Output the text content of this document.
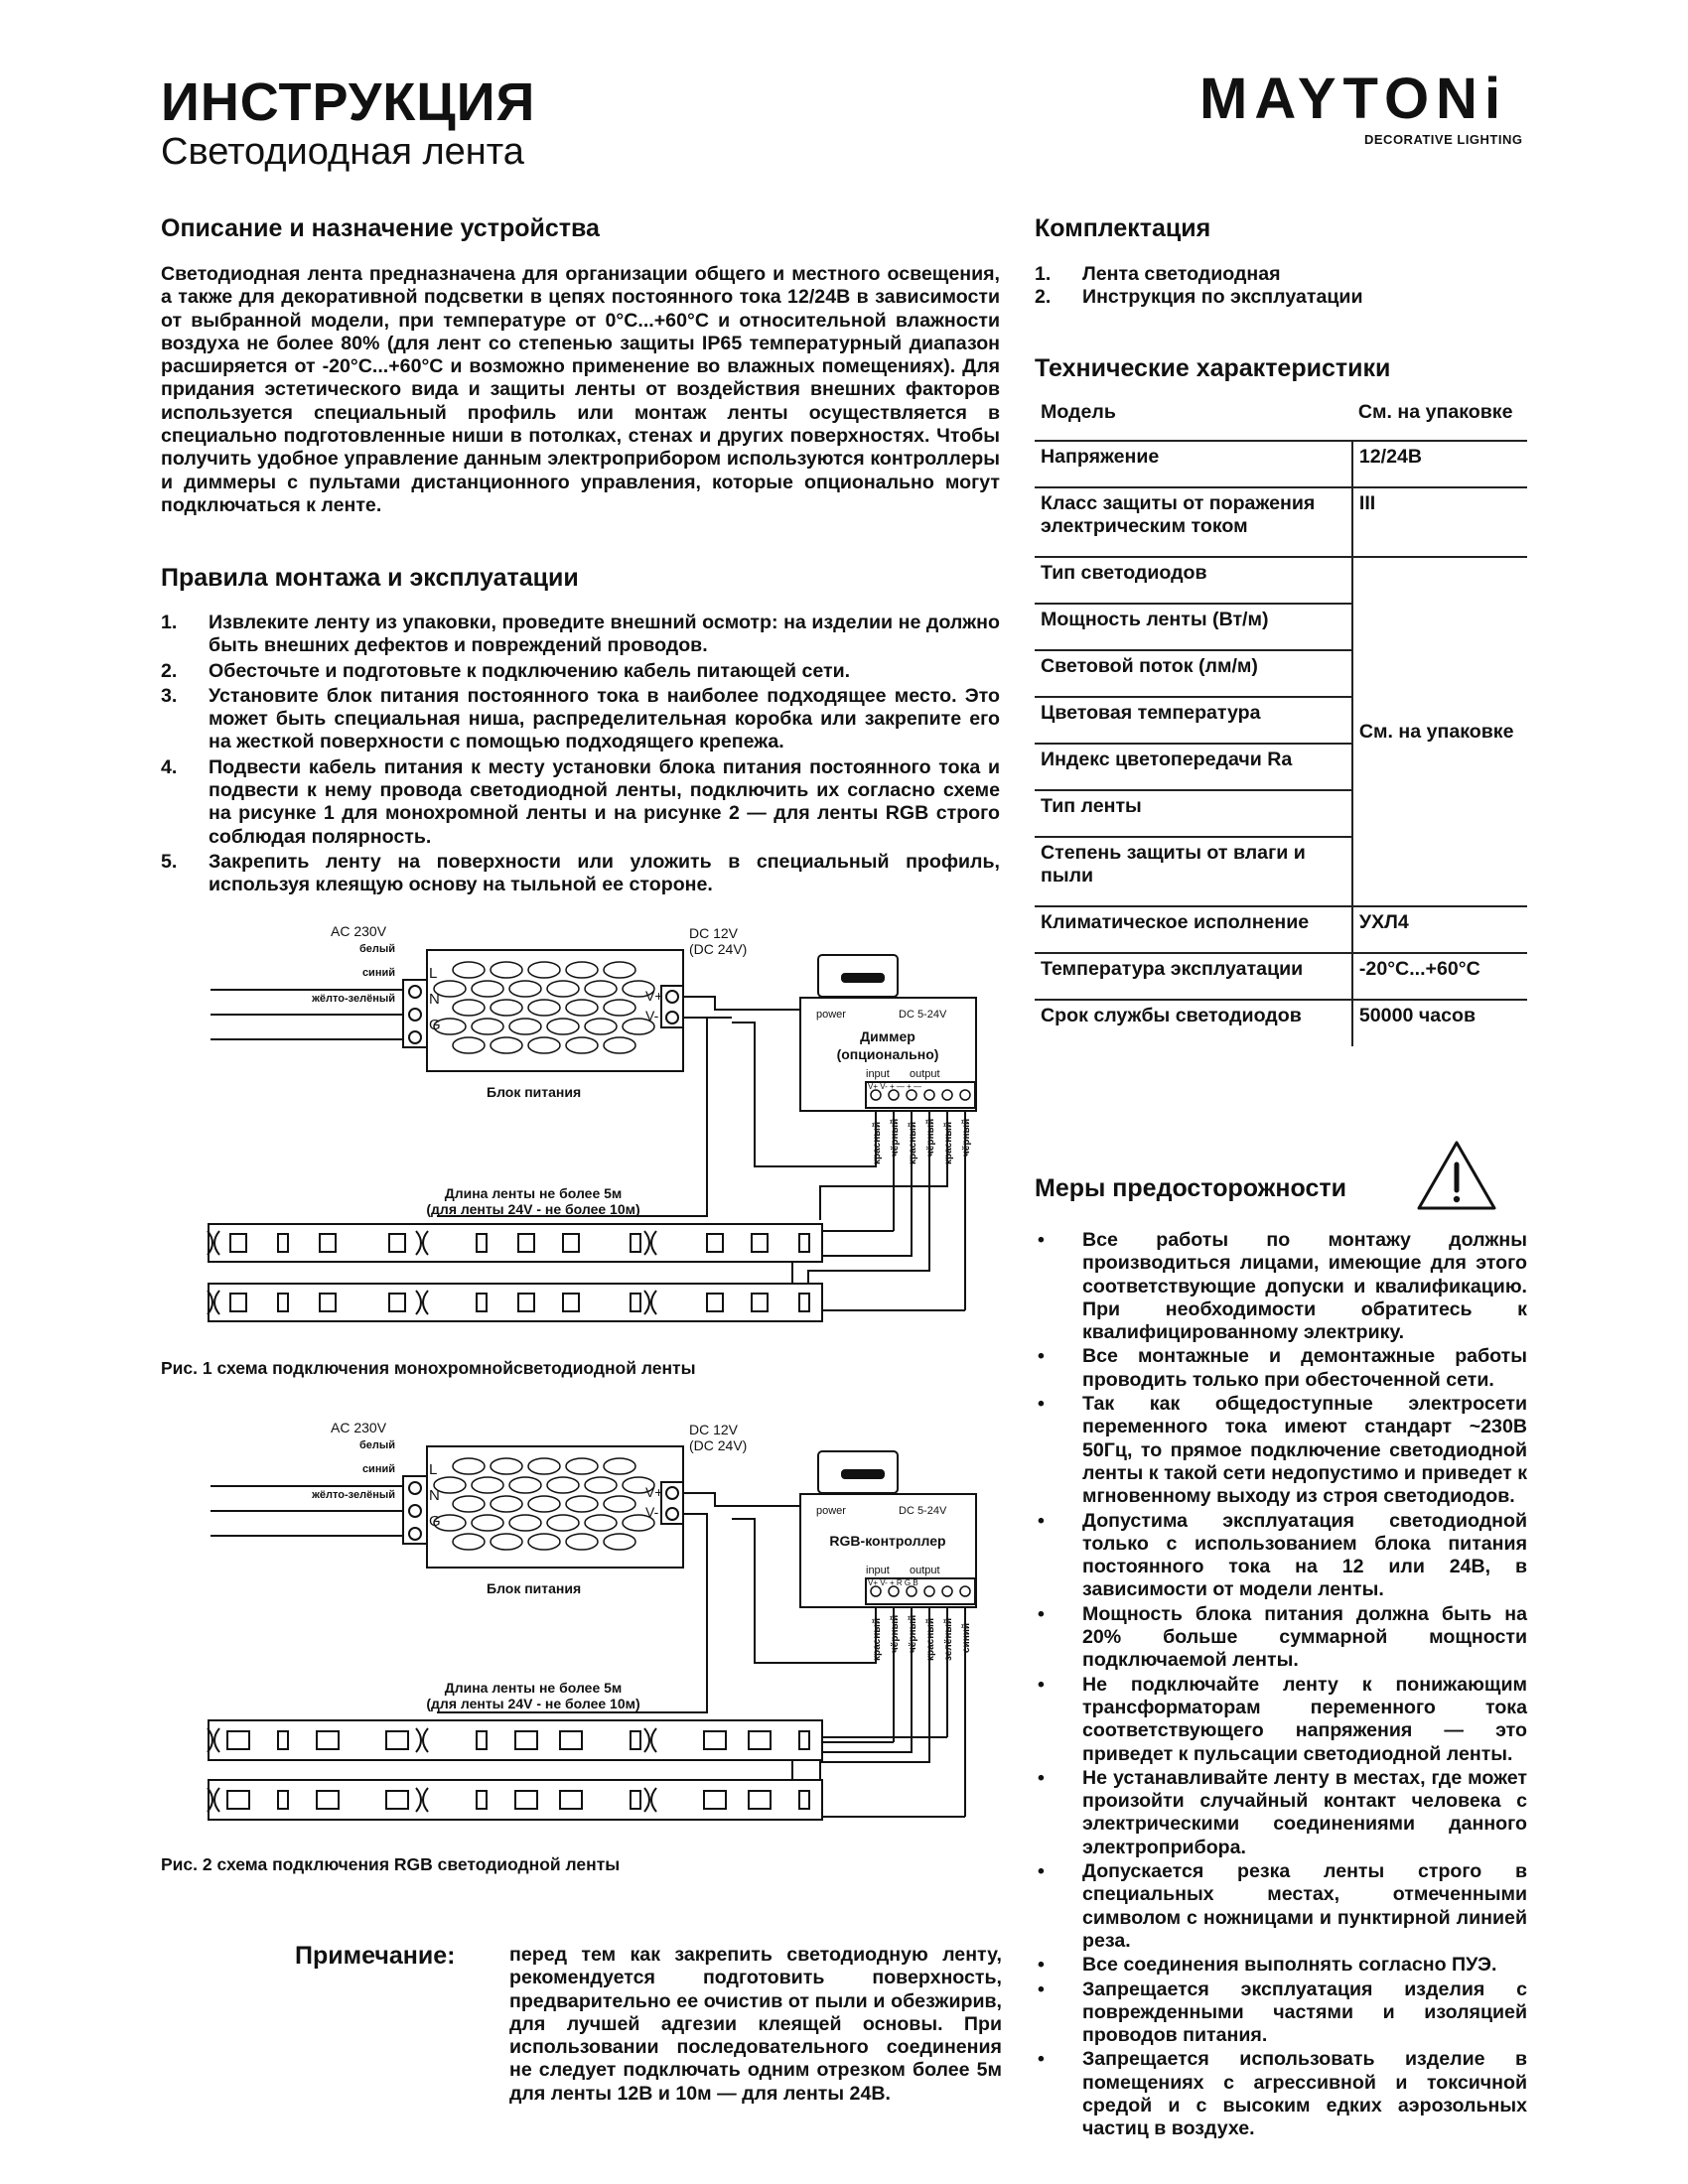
ИНСТРУКЦИЯ
Светодиодная лента
MAYTONi
DECORATIVE LIGHTING
Описание и назначение устройства

Светодиодная лента предназначена для организации общего и местного освещения, а также для декоративной подсветки в цепях постоянного тока 12/24В в зависимости от выбранной модели, при температуре от 0°С...+60°С и относительной влажности воздуха не более 80% (для лент со степенью защиты IP65 температурный диапазон расширяется от -20°С...+60°С и возможно применение во влажных помещениях). Для придания эстетического вида и защиты ленты от воздействия внешних факторов используется специальный профиль или монтаж ленты осуществляется в специально подготовленные ниши в потолках, стенах и других поверхностях. Чтобы получить удобное управление данным электроприбором используются контроллеры и диммеры с пультами дистанционного управления, которые опционально могут подключаться к ленте.

Правила монтажа и эксплуатации
1. Извлеките ленту из упаковки, проведите внешний осмотр: на изделии не должно быть внешних дефектов и повреждений проводов.
2. Обесточьте и подготовьте к подключению кабель питающей сети.
3. Установите блок питания постоянного тока в наиболее подходящее место. Это может быть специальная ниша, распределительная коробка или закрепите его на жесткой поверхности с помощью подходящего крепежа.
4. Подвести кабель питания к месту установки блока питания постоянного тока и подвести к нему провода светодиодной ленты, подключить их согласно схеме на рисунке 1 для монохромной ленты и на рисунке 2 — для ленты RGB строго соблюдая полярность.
5. Закрепить ленту на поверхности или уложить в специальный профиль, используя клеящую основу на тыльной ее стороне.
Комплектация
1. Лента светодиодная
2. Инструкция по эксплуатации
Технические характеристики
Модель	См. на упаковке
Напряжение	12/24В
Класс защиты от поражения электрическим током	III
Тип светодиодов	См. на упаковке
Мощность ленты (Вт/м)	
Световой поток (лм/м)	
Цветовая температура	
Индекс цветопередачи Ra	
Тип ленты	
Степень защиты от влаги и пыли	
Климатическое исполнение	УХЛ4
Температура эксплуатации	-20°С...+60°С
Срок службы светодиодов	50000 часов
Меры предосторожности
• Все работы по монтажу должны производиться лицами, имеющие для этого соответствующие допуски и квалификацию. При необходимости обратитесь к квалифицированному электрику.
• Все монтажные и демонтажные работы проводить только при обесточенной сети.
• Так как общедоступные электросети переменного тока имеют стандарт ~230В 50Гц, то прямое подключение светодиодной ленты к такой сети недопустимо и приведет к мгновенному выходу из строя светодиодов.
• Допустима эксплуатация светодиодной только с использованием блока питания постоянного тока на 12 или 24В, в зависимости от модели ленты.
• Мощность блока питания должна быть на 20% больше суммарной мощности подключаемой ленты.
• Не подключайте ленту к понижающим трансформаторам переменного тока соответствующего напряжения — это приведет к пульсации светодиодной ленты.
• Не устанавливайте ленту в местах, где может произойти случайный контакт человека с электрическими соединениями данного электроприбора.
• Допускается резка ленты строго в специальных местах, отмеченными символом с ножницами и пунктирной линией реза.
• Все соединения выполнять согласно ПУЭ.
• Запрещается эксплуатация изделия с поврежденными частями и изоляцией проводов питания.
• Запрещается использовать изделие в помещениях с агрессивной и токсичной средой и с высоким едких аэрозольных частиц в воздухе.
AC 230V
белый
синий
жёлто-зелёный
L
N
G
DC 12V
(DC 24V)
V+
V-
Блок питания
power	DC 5-24V
Диммер
(опционально)
input output
V+ V- + — + —
красный чёрный красный чёрный красный чёрный
Длина ленты не более 5м
(для ленты 24V - не более 10м)

Рис. 1 схема подключения монохромнойсветодиодной ленты

AC 230V
белый
синий
жёлто-зелёный
L
N
G
DC 12V
(DC 24V)
V+
V-
Блок питания
power	DC 5-24V
RGB-контроллер
input output
V+ V- + R G B
красный чёрный чёрный красный зелёный синий
Длина ленты не более 5м
(для ленты 24V - не более 10м)

Рис. 2 схема подключения RGB светодиодной ленты

Примечание:	перед тем как закрепить светодиодную ленту, рекомендуется подготовить поверхность, предварительно ее очистив от пыли и обезжирив, для лучшей адгезии клеящей основы. При использовании последовательного соединения не следует подключать одним отрезком более 5м для ленты 12В и 10м — для ленты 24В.
